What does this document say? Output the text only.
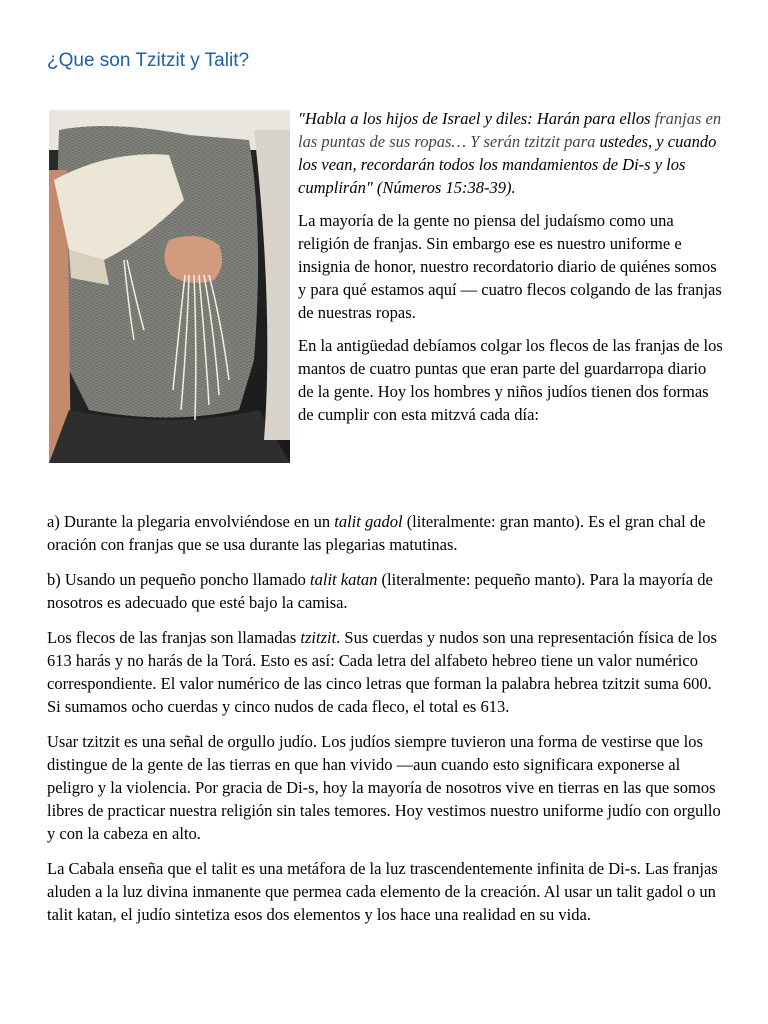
¿Que son Tzitzit y Talit?

"Habla a los hijos de Israel y diles: Harán para ellos franjas en las puntas de sus ropas… Y serán tzitzit para ustedes, y cuando los vean, recordarán todos los mandamientos de Di-s y los cumplirán" (Números 15:38-39).

La mayoría de la gente no piensa del judaísmo como una religión de franjas. Sin embargo ese es nuestro uniforme e insignia de honor, nuestro recordatorio diario de quiénes somos y para qué estamos aquí — cuatro flecos colgando de las franjas de nuestras ropas.

En la antigüedad debíamos colgar los flecos de las franjas de los mantos de cuatro puntas que eran parte del guardarropa diario de la gente. Hoy los hombres y niños judíos tienen dos formas de cumplir con esta mitzvá cada día:

a) Durante la plegaria envolviéndose en un talit gadol (literalmente: gran manto). Es el gran chal de oración con franjas que se usa durante las plegarias matutinas.

b) Usando un pequeño poncho llamado talit katan (literalmente: pequeño manto). Para la mayoría de nosotros es adecuado que esté bajo la camisa.

Los flecos de las franjas son llamadas tzitzit. Sus cuerdas y nudos son una representación física de los 613 harás y no harás de la Torá. Esto es así: Cada letra del alfabeto hebreo tiene un valor numérico correspondiente. El valor numérico de las cinco letras que forman la palabra hebrea tzitzit suma 600. Si sumamos ocho cuerdas y cinco nudos de cada fleco, el total es 613.

Usar tzitzit es una señal de orgullo judío. Los judíos siempre tuvieron una forma de vestirse que los distingue de la gente de las tierras en que han vivido —aun cuando esto significara exponerse al peligro y la violencia. Por gracia de Di-s, hoy la mayoría de nosotros vive en tierras en las que somos libres de practicar nuestra religión sin tales temores. Hoy vestimos nuestro uniforme judío con orgullo y con la cabeza en alto.

La Cabala enseña que el talit es una metáfora de la luz trascendentemente infinita de Di-s. Las franjas aluden a la luz divina inmanente que permea cada elemento de la creación. Al usar un talit gadol o un talit katan, el judío sintetiza esos dos elementos y los hace una realidad en su vida.
